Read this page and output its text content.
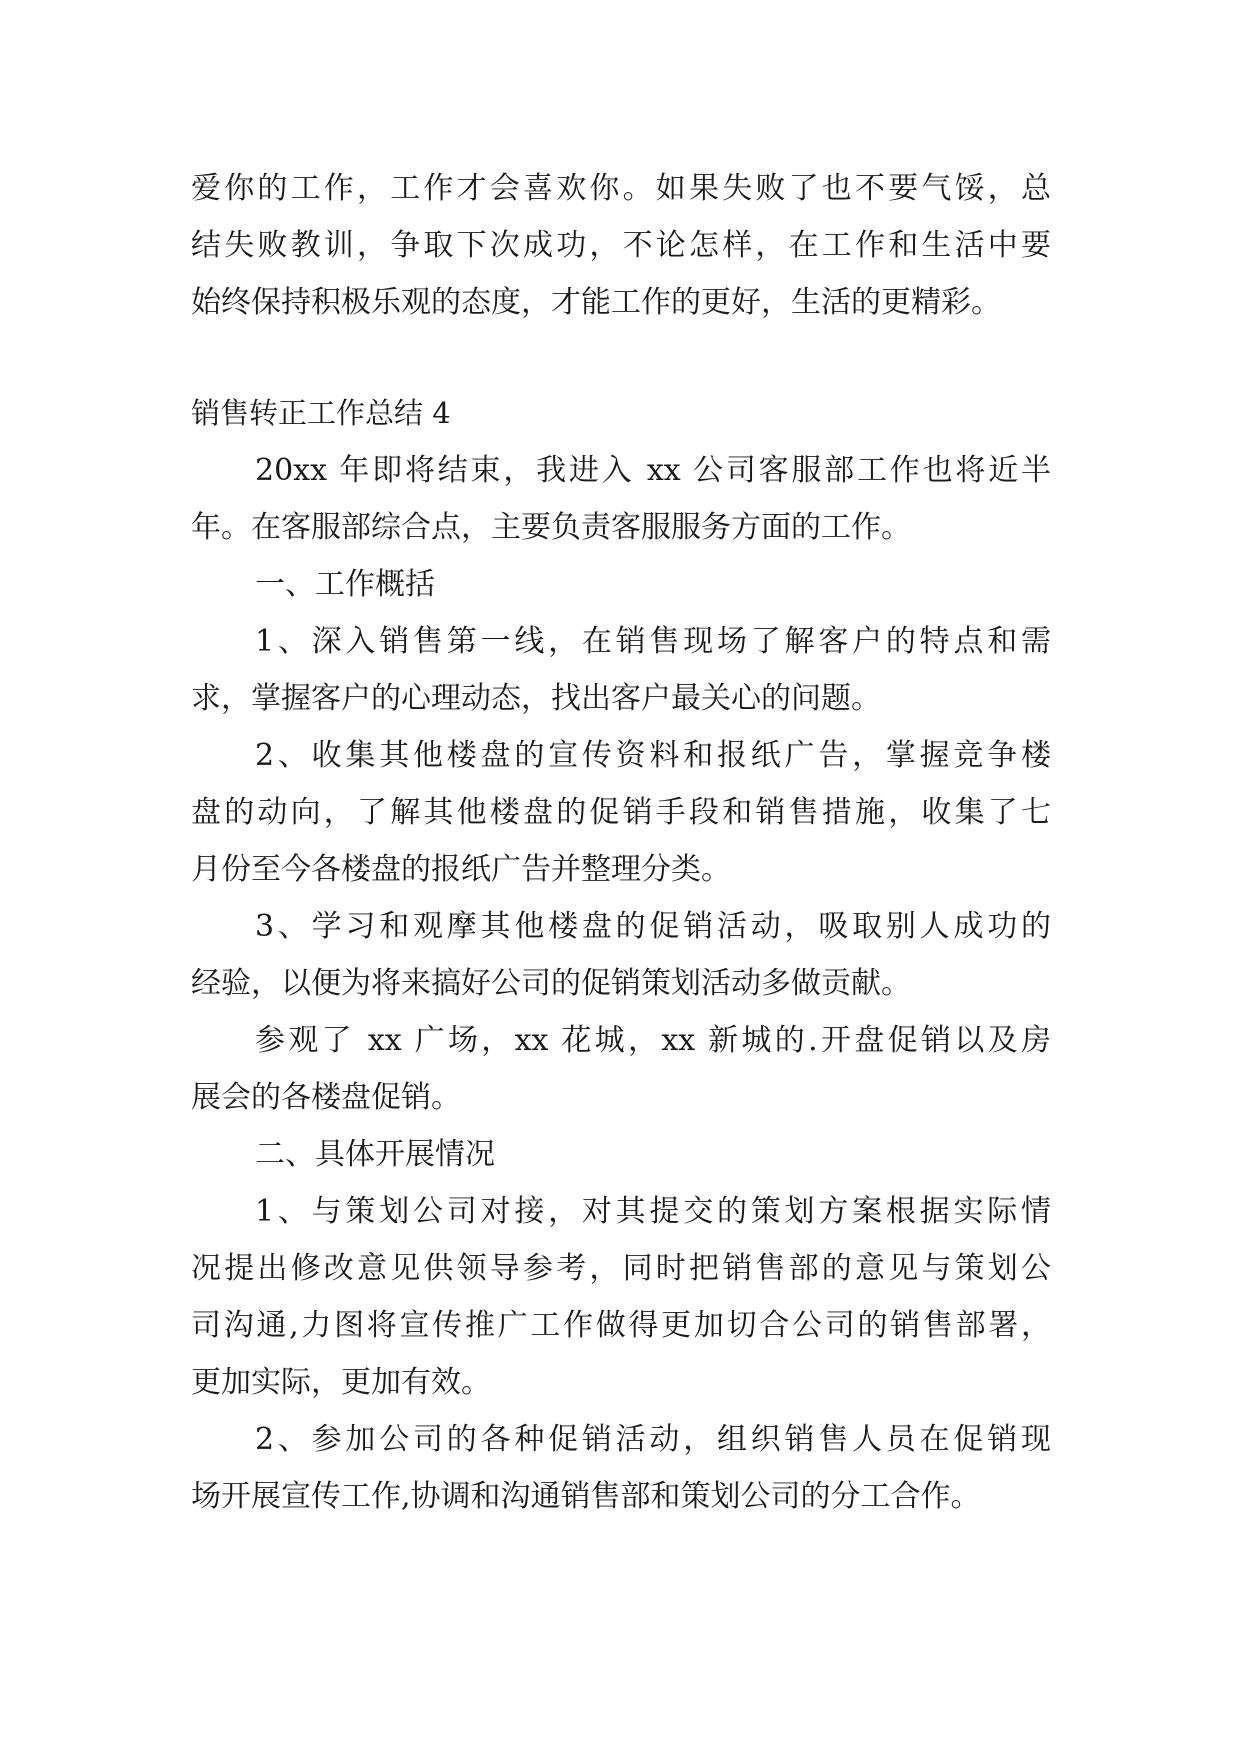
爱你的工作，工作才会喜欢你。如果失败了也不要气馁，总
结失败教训，争取下次成功，不论怎样，在工作和生活中要
始终保持积极乐观的态度，才能工作的更好，生活的更精彩。
销售转正工作总结 4
20xx 年即将结束，我进入 xx 公司客服部工作也将近半
年。在客服部综合点，主要负责客服服务方面的工作。
一、工作概括
1、深入销售第一线，在销售现场了解客户的特点和需
求，掌握客户的心理动态，找出客户最关心的问题。
2、收集其他楼盘的宣传资料和报纸广告，掌握竞争楼
盘的动向，了解其他楼盘的促销手段和销售措施，收集了七
月份至今各楼盘的报纸广告并整理分类。
3、学习和观摩其他楼盘的促销活动，吸取别人成功的
经验，以便为将来搞好公司的促销策划活动多做贡献。
参观了 xx 广场，xx 花城，xx 新城的.开盘促销以及房
展会的各楼盘促销。
二、具体开展情况
1、与策划公司对接，对其提交的策划方案根据实际情
况提出修改意见供领导参考，同时把销售部的意见与策划公
司沟通,力图将宣传推广工作做得更加切合公司的销售部署，
更加实际，更加有效。
2、参加公司的各种促销活动，组织销售人员在促销现
场开展宣传工作,协调和沟通销售部和策划公司的分工合作。
